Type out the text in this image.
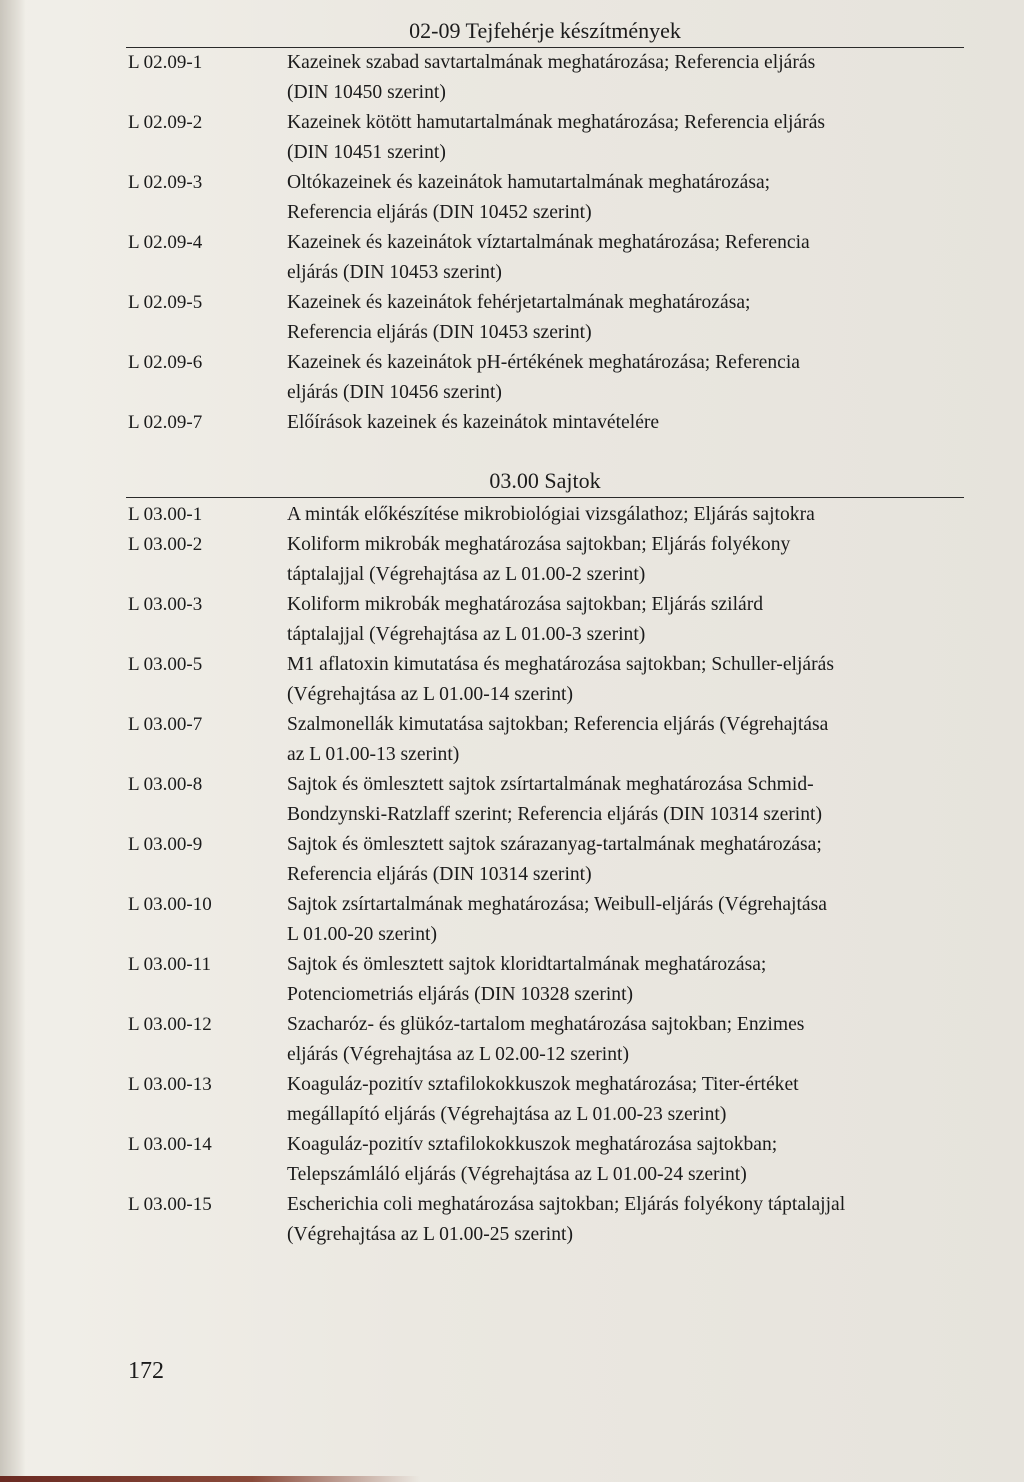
02-09 Tejfehérje készítmények
L 02.09-1	Kazeinek szabad savtartalmának meghatározása; Referencia eljárás
(DIN 10450 szerint)
L 02.09-2	Kazeinek kötött hamutartalmának meghatározása; Referencia eljárás
(DIN 10451 szerint)
L 02.09-3	Oltókazeinek és kazeinátok hamutartalmának meghatározása;
Referencia eljárás (DIN 10452 szerint)
L 02.09-4	Kazeinek és kazeinátok víztartalmának meghatározása; Referencia
eljárás (DIN 10453 szerint)
L 02.09-5	Kazeinek és kazeinátok fehérjetartalmának meghatározása;
Referencia eljárás (DIN 10453 szerint)
L 02.09-6	Kazeinek és kazeinátok pH-értékének meghatározása; Referencia
eljárás (DIN 10456 szerint)
L 02.09-7	Előírások kazeinek és kazeinátok mintavételére
03.00 Sajtok
L 03.00-1	A minták előkészítése mikrobiológiai vizsgálathoz; Eljárás sajtokra
L 03.00-2	Koliform mikrobák meghatározása sajtokban; Eljárás folyékony
táptalajjal (Végrehajtása az L 01.00-2 szerint)
L 03.00-3	Koliform mikrobák meghatározása sajtokban; Eljárás szilárd
táptalajjal (Végrehajtása az L 01.00-3 szerint)
L 03.00-5	M1 aflatoxin kimutatása és meghatározása sajtokban; Schuller-eljárás
(Végrehajtása az L 01.00-14 szerint)
L 03.00-7	Szalmonellák kimutatása sajtokban; Referencia eljárás (Végrehajtása
az L 01.00-13 szerint)
L 03.00-8	Sajtok és ömlesztett sajtok zsírtartalmának meghatározása Schmid-
Bondzynski-Ratzlaff szerint; Referencia eljárás (DIN 10314 szerint)
L 03.00-9	Sajtok és ömlesztett sajtok szárazanyag-tartalmának meghatározása;
Referencia eljárás (DIN 10314 szerint)
L 03.00-10	Sajtok zsírtartalmának meghatározása; Weibull-eljárás (Végrehajtása
L 01.00-20 szerint)
L 03.00-11	Sajtok és ömlesztett sajtok kloridtartalmának meghatározása;
Potenciometriás eljárás (DIN 10328 szerint)
L 03.00-12	Szacharóz- és glükóz-tartalom meghatározása sajtokban; Enzimes
eljárás (Végrehajtása az L 02.00-12 szerint)
L 03.00-13	Koaguláz-pozitív sztafilokokkuszok meghatározása; Titer-értéket
megállapító eljárás (Végrehajtása az L 01.00-23 szerint)
L 03.00-14	Koaguláz-pozitív sztafilokokkuszok meghatározása sajtokban;
Telepszámláló eljárás (Végrehajtása az L 01.00-24 szerint)
L 03.00-15	Escherichia coli meghatározása sajtokban; Eljárás folyékony táptalajjal
(Végrehajtása az L 01.00-25 szerint)
172
